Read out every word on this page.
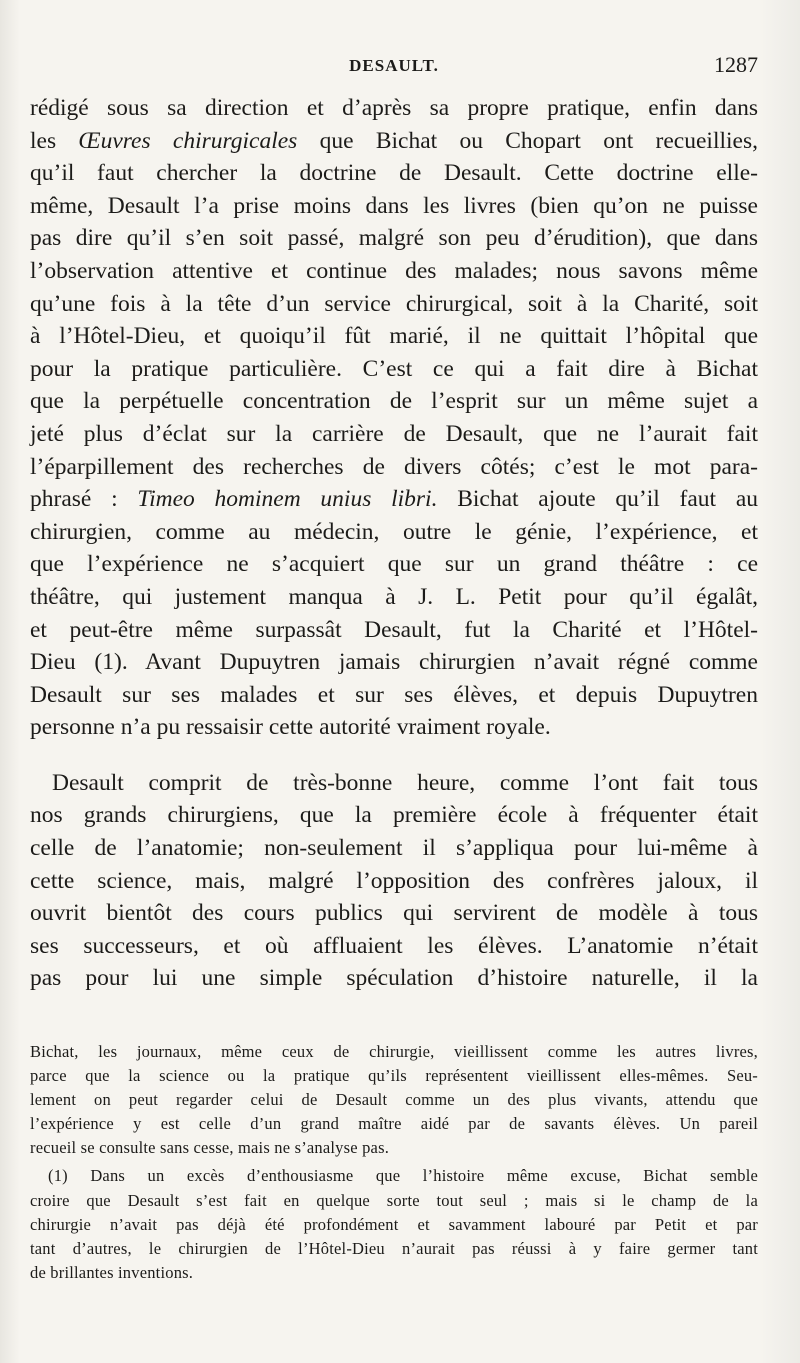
DESAULT.	1287
rédigé sous sa direction et d’après sa propre pratique, enfin dans
les Œuvres chirurgicales que Bichat ou Chopart ont recueillies,
qu’il faut chercher la doctrine de Desault. Cette doctrine elle-
même, Desault l’a prise moins dans les livres (bien qu’on ne puisse
pas dire qu’il s’en soit passé, malgré son peu d’érudition), que dans
l’observation attentive et continue des malades; nous savons même
qu’une fois à la tête d’un service chirurgical, soit à la Charité, soit
à l’Hôtel-Dieu, et quoiqu’il fût marié, il ne quittait l’hôpital que
pour la pratique particulière. C’est ce qui a fait dire à Bichat
que la perpétuelle concentration de l’esprit sur un même sujet a
jeté plus d’éclat sur la carrière de Desault, que ne l’aurait fait
l’éparpillement des recherches de divers côtés; c’est le mot para-
phrasé : Timeo hominem unius libri. Bichat ajoute qu’il faut au
chirurgien, comme au médecin, outre le génie, l’expérience, et
que l’expérience ne s’acquiert que sur un grand théâtre : ce
théâtre, qui justement manqua à J. L. Petit pour qu’il égalât,
et peut-être même surpassât Desault, fut la Charité et l’Hôtel-
Dieu (1). Avant Dupuytren jamais chirurgien n’avait régné comme
Desault sur ses malades et sur ses élèves, et depuis Dupuytren
personne n’a pu ressaisir cette autorité vraiment royale.
Desault comprit de très-bonne heure, comme l’ont fait tous
nos grands chirurgiens, que la première école à fréquenter était
celle de l’anatomie; non-seulement il s’appliqua pour lui-même à
cette science, mais, malgré l’opposition des confrères jaloux, il
ouvrit bientôt des cours publics qui servirent de modèle à tous
ses successeurs, et où affluaient les élèves. L’anatomie n’était
pas pour lui une simple spéculation d’histoire naturelle, il la
Bichat, les journaux, même ceux de chirurgie, vieillissent comme les autres livres,
parce que la science ou la pratique qu’ils représentent vieillissent elles-mêmes. Seu-
lement on peut regarder celui de Desault comme un des plus vivants, attendu que
l’expérience y est celle d’un grand maître aidé par de savants élèves. Un pareil
recueil se consulte sans cesse, mais ne s’analyse pas.
(1) Dans un excès d’enthousiasme que l’histoire même excuse, Bichat semble
croire que Desault s’est fait en quelque sorte tout seul ; mais si le champ de la
chirurgie n’avait pas déjà été profondément et savamment labouré par Petit et par
tant d’autres, le chirurgien de l’Hôtel-Dieu n’aurait pas réussi à y faire germer tant
de brillantes inventions.
